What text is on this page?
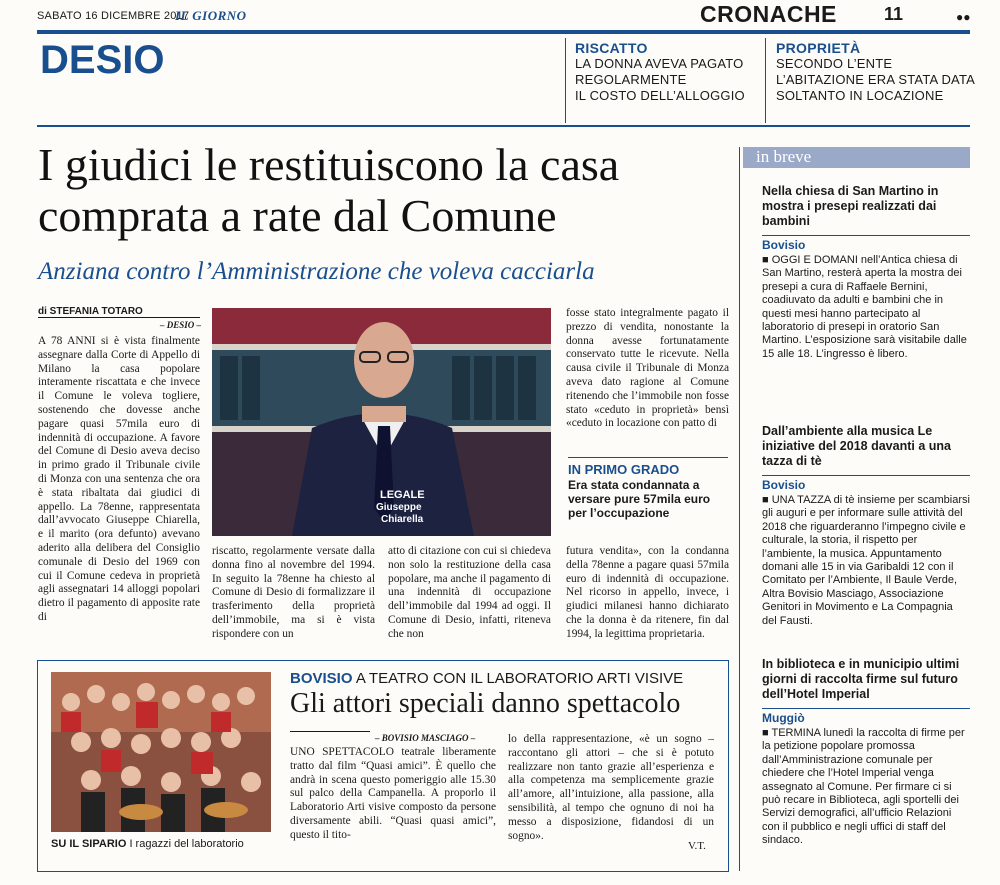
SABATO 16 DICEMBRE 2017
IL GIORNO	CRONACHE	11	●●
DESIO	RISCATTO
LA DONNA AVEVA PAGATO
REGOLARMENTE
IL COSTO DELL’ALLOGGIO
PROPRIETÀ
SECONDO L’ENTE
L’ABITAZIONE ERA STATA DATA
SOLTANTO IN LOCAZIONE
I giudici le restituiscono la casa
comprata a rate dal Comune
Anziana contro l’Amministrazione che voleva cacciarla
di STEFANIA TOTARO
– DESIO –
A 78 ANNI si è vista finalmente assegnare dalla Corte di Appello di Milano la casa popolare interamente riscattata e che invece il Comune le voleva togliere, sostenendo che dovesse anche pagare quasi 57mila euro di indennità di occupazione. A favore del Comune di Desio aveva deciso in primo grado il Tribunale civile di Monza con una sentenza che ora è stata ribaltata dai giudici di appello. La 78enne, rappresentata dall’avvocato Giuseppe Chiarella, e il marito (ora defunto) avevano aderito alla delibera del Consiglio comunale di Desio del 1969 con cui il Comune cedeva in proprietà agli assegnatari 14 alloggi popolari dietro il pagamento di apposite rate di
LEGALE
Giuseppe
Chiarella
riscatto, regolarmente versate dalla donna fino al novembre del 1994. In seguito la 78enne ha chiesto al Comune di Desio di formalizzare il trasferimento della proprietà dell’immobile, ma si è vista rispondere con un
atto di citazione con cui si chiedeva non solo la restituzione della casa popolare, ma anche il pagamento di una indennità di occupazione dell’immobile dal 1994 ad oggi. Il Comune di Desio, infatti, riteneva che non
fosse stato integralmente pagato il prezzo di vendita, nonostante la donna avesse fortunatamente conservato tutte le ricevute. Nella causa civile il Tribunale di Monza aveva dato ragione al Comune ritenendo che l’immobile non fosse stato «ceduto in proprietà» bensì «ceduto in locazione con patto di
IN PRIMO GRADO
Era stata condannata a versare pure 57mila euro per l’occupazione
futura vendita», con la condanna della 78enne a pagare quasi 57mila euro di indennità di occupazione. Nel ricorso in appello, invece, i giudici milanesi hanno dichiarato che la donna è da ritenere, fin dal 1994, la legittima proprietaria.
in breve
Nella chiesa di San Martino in mostra i presepi realizzati dai bambini
Bovisio
■ OGGI E DOMANI nell’Antica chiesa di San Martino, resterà aperta la mostra dei presepi a cura di Raffaele Bernini, coadiuvato da adulti e bambini che in questi mesi hanno partecipato al laboratorio di presepi in oratorio San Martino. L’esposizione sarà visitabile dalle 15 alle 18. L’ingresso è libero.
Dall’ambiente alla musica Le iniziative del 2018 davanti a una tazza di tè
Bovisio
■ UNA TAZZA di tè insieme per scambiarsi gli auguri e per informare sulle attività del 2018 che riguarderanno l’impegno civile e culturale, la storia, il rispetto per l’ambiente, la musica. Appuntamento domani alle 15 in via Garibaldi 12 con il Comitato per l’Ambiente, Il Baule Verde, Altra Bovisio Masciago, Associazione Genitori in Movimento e La Compagnia del Fausti.
In biblioteca e in municipio ultimi giorni di raccolta firme sul futuro dell’Hotel Imperial
Muggiò
■ TERMINA lunedì la raccolta di firme per la petizione popolare promossa dall’Amministrazione comunale per chiedere che l’Hotel Imperial venga assegnato al Comune. Per firmare ci si può recare in Biblioteca, agli sportelli dei Servizi demografici, all’ufficio Relazioni con il pubblico e negli uffici di staff del sindaco.
SU IL SIPARIO I ragazzi del laboratorio
BOVISIO A TEATRO CON IL LABORATORIO ARTI VISIVE
Gli attori speciali danno spettacolo
– BOVISIO MASCIAGO –
UNO SPETTACOLO teatrale liberamente tratto dal film “Quasi amici”. È quello che andrà in scena questo pomeriggio alle 15.30 sul palco della Campanella. A proporlo il Laboratorio Arti visive composto da persone diversamente abili. “Quasi quasi amici”, questo il tito-
lo della rappresentazione, «è un sogno – raccontano gli attori – che si è potuto realizzare non tanto grazie all’esperienza e alla competenza ma semplicemente grazie all’amore, all’intuizione, alla passione, alla sensibilità, al tempo che ognuno di noi ha messo a disposizione, fidandosi di un sogno».
V.T.
